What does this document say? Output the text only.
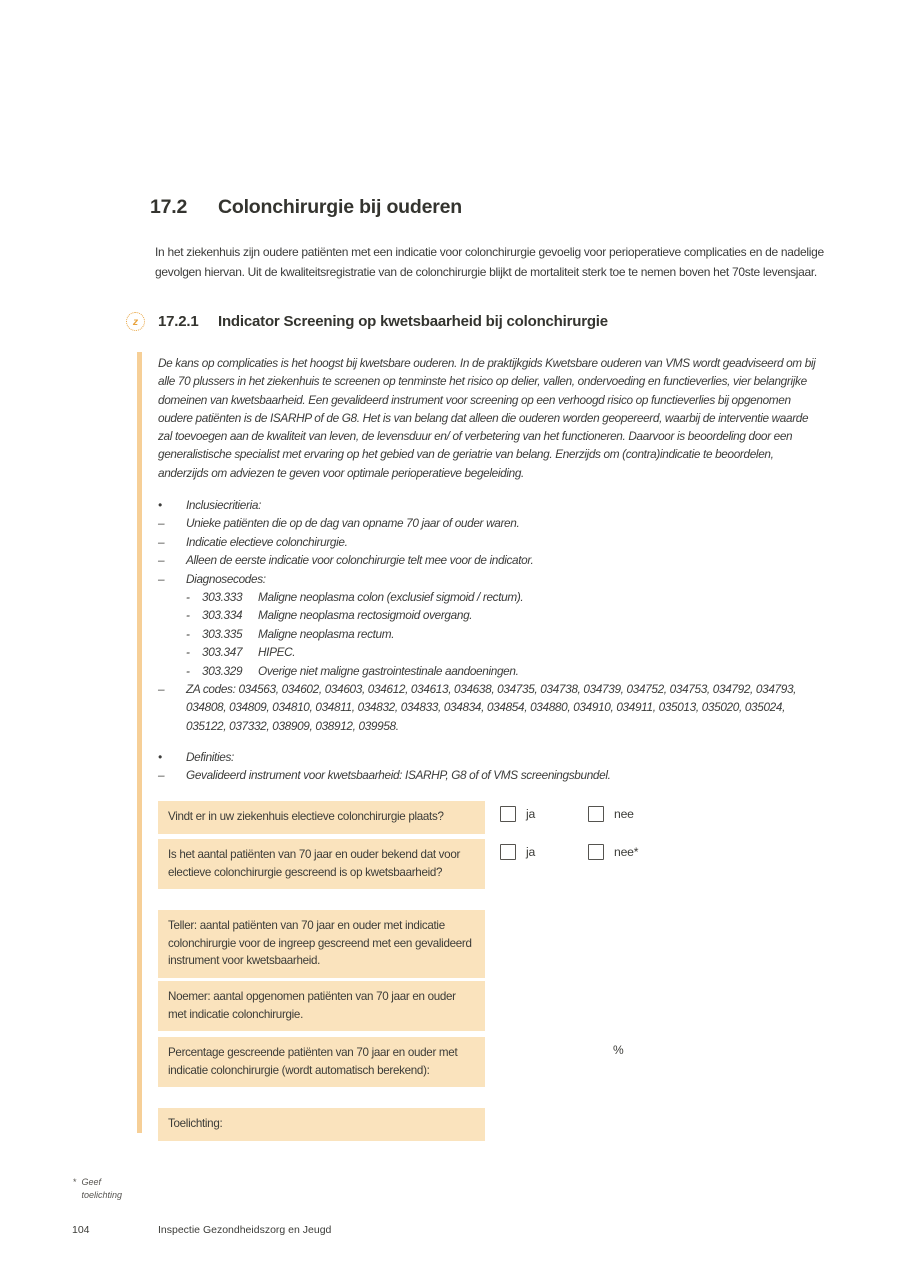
17.2 Colonchirurgie bij ouderen
In het ziekenhuis zijn oudere patiënten met een indicatie voor colonchirurgie gevoelig voor perioperatieve complicaties en de nadelige gevolgen hiervan. Uit de kwaliteitsregistratie van de colonchirurgie blijkt de mortaliteit sterk toe te nemen boven het 70ste levensjaar.
z	17.2.1 Indicator Screening op kwetsbaarheid bij colonchirurgie
De kans op complicaties is het hoogst bij kwetsbare ouderen. In de praktijkgids Kwetsbare ouderen van VMS wordt geadviseerd om bij alle 70 plussers in het ziekenhuis te screenen op tenminste het risico op delier, vallen, ondervoeding en functieverlies, vier belangrijke domeinen van kwetsbaarheid. Een gevalideerd instrument voor screening op een verhoogd risico op functieverlies bij opgenomen oudere patiënten is de ISARHP of de G8. Het is van belang dat alleen die ouderen worden geopereerd, waarbij de interventie waarde zal toevoegen aan de kwaliteit van leven, de levensduur en/ of verbetering van het functioneren. Daarvoor is beoordeling door een generalistische specialist met ervaring op het gebied van de geriatrie van belang. Enerzijds om (contra)indicatie te beoordelen, anderzijds om adviezen te geven voor optimale perioperatieve begeleiding.
•	Inclusiecritieria:
–	Unieke patiënten die op de dag van opname 70 jaar of ouder waren.
–	Indicatie electieve colonchirurgie.
–	Alleen de eerste indicatie voor colonchirurgie telt mee voor de indicator.
–	Diagnosecodes:
-	303.333	Maligne neoplasma colon (exclusief sigmoid / rectum).
-	303.334	Maligne neoplasma rectosigmoid overgang.
-	303.335	Maligne neoplasma rectum.
-	303.347	HIPEC.
-	303.329	Overige niet maligne gastrointestinale aandoeningen.
–	ZA codes: 034563, 034602, 034603, 034612, 034613, 034638, 034735, 034738, 034739, 034752, 034753, 034792, 034793, 034808, 034809, 034810, 034811, 034832, 034833, 034834, 034854, 034880, 034910, 034911, 035013, 035020, 035024, 035122, 037332, 038909, 038912, 039958.
•	Definities:
–	Gevalideerd instrument voor kwetsbaarheid: ISARHP, G8 of of VMS screeningsbundel.
Vindt er in uw ziekenhuis electieve colonchirurgie plaats?	ja	nee
Is het aantal patiënten van 70 jaar en ouder bekend dat voor electieve colonchirurgie gescreend is op kwetsbaarheid?
ja	nee*
Teller: aantal patiënten van 70 jaar en ouder met indicatie colonchirurgie voor de ingreep gescreend met een gevalideerd instrument voor kwetsbaarheid.
Noemer: aantal opgenomen patiënten van 70 jaar en ouder met indicatie colonchirurgie.
Percentage gescreende patiënten van 70 jaar en ouder met indicatie colonchirurgie (wordt automatisch berekend):
%
Toelichting:
* Geef
toelichting
104	Inspectie Gezondheidszorg en Jeugd
